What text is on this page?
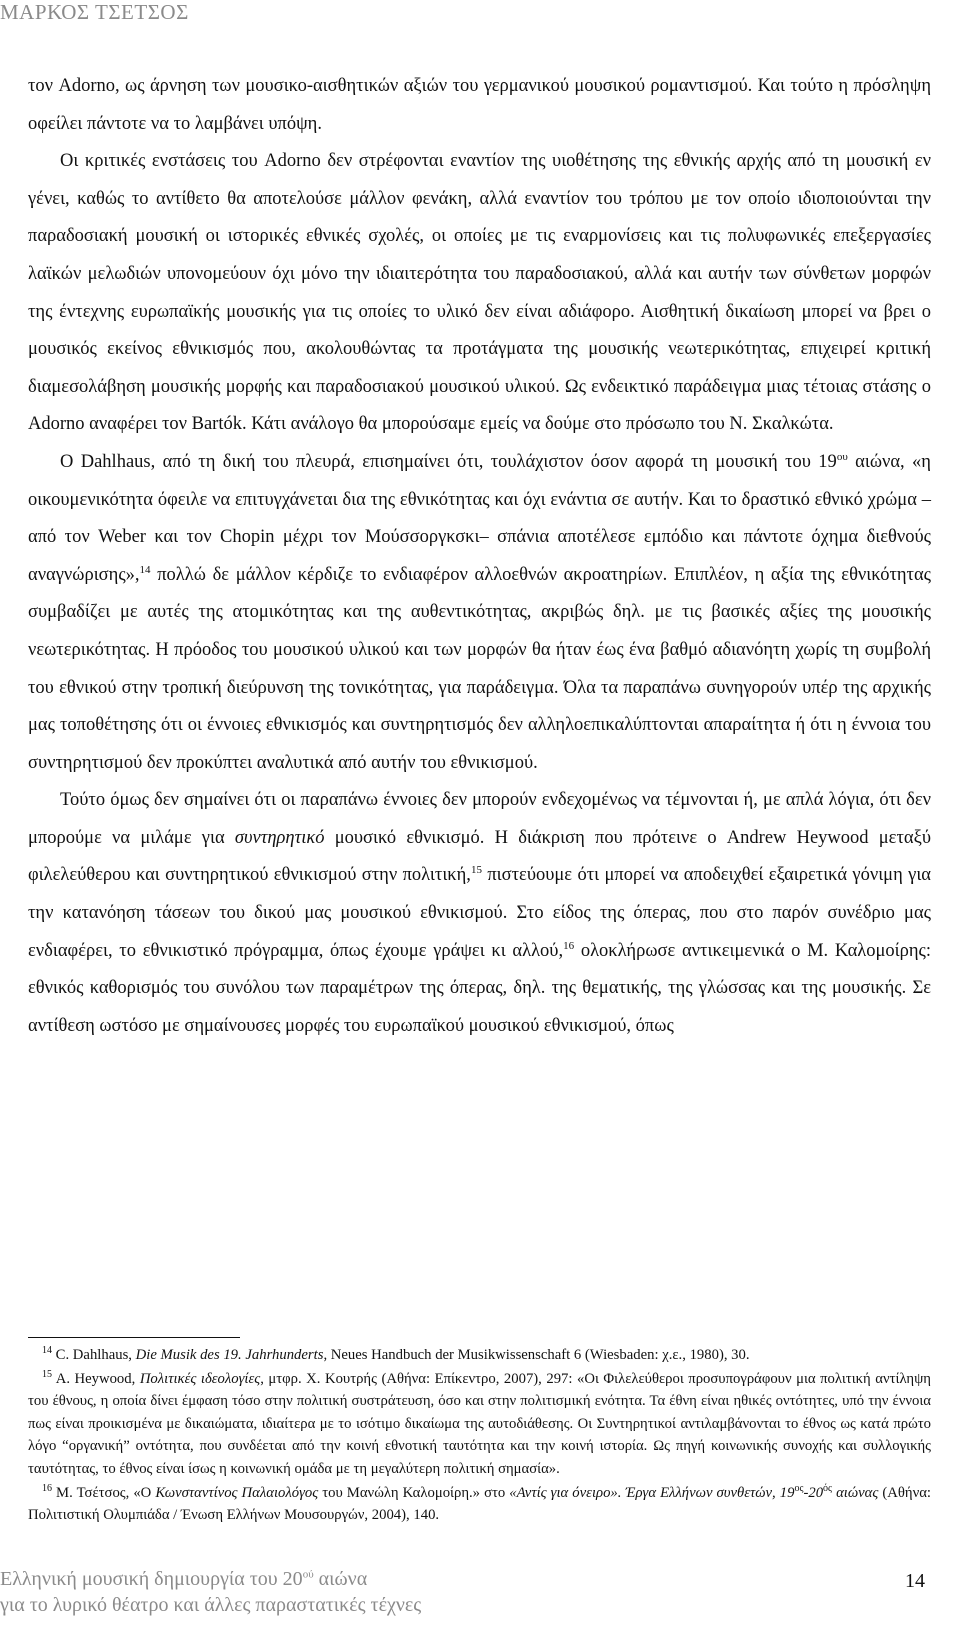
ΜΑΡΚΟΣ ΤΣΕΤΣΟΣ

τον Adorno, ως άρνηση των μουσικο-αισθητικών αξιών του γερμανικού μουσικού ρομαντισμού. Και τούτο η πρόσληψη οφείλει πάντοτε να το λαμβάνει υπόψη.

Οι κριτικές ενστάσεις του Adorno δεν στρέφονται εναντίον της υιοθέτησης της εθνικής αρχής από τη μουσική εν γένει, καθώς το αντίθετο θα αποτελούσε μάλλον φενάκη, αλλά εναντίον του τρόπου με τον οποίο ιδιοποιούνται την παραδοσιακή μουσική οι ιστορικές εθνικές σχολές, οι οποίες με τις εναρμονίσεις και τις πολυφωνικές επεξεργασίες λαϊκών μελωδιών υπονομεύουν όχι μόνο την ιδιαιτερότητα του παραδοσιακού, αλλά και αυτήν των σύνθετων μορφών της έντεχνης ευρωπαϊκής μουσικής για τις οποίες το υλικό δεν είναι αδιάφορο. Αισθητική δικαίωση μπορεί να βρει ο μουσικός εκείνος εθνικισμός που, ακολουθώντας τα προτάγματα της μουσικής νεωτερικότητας, επιχειρεί κριτική διαμεσολάβηση μουσικής μορφής και παραδοσιακού μουσικού υλικού. Ως ενδεικτικό παράδειγμα μιας τέτοιας στάσης ο Adorno αναφέρει τον Bartók. Κάτι ανάλογο θα μπορούσαμε εμείς να δούμε στο πρόσωπο του Ν. Σκαλκώτα.

Ο Dahlhaus, από τη δική του πλευρά, επισημαίνει ότι, τουλάχιστον όσον αφορά τη μουσική του $19^{o\upsilon}$ αιώνα, «η οικουμενικότητα όφειλε να επιτυγχάνεται δια της εθνικότητας και όχι ενάντια σε αυτήν. Και το δραστικό εθνικό χρώμα –από τον Weber και τον Chopin μέχρι τον Μούσσοργκσκι– σπάνια αποτέλεσε εμπόδιο και πάντοτε όχημα διεθνούς αναγνώρισης»,$^{14}$ πολλώ δε μάλλον κέρδιζε το ενδιαφέρον αλλοεθνών ακροατηρίων. Επιπλέον, η αξία της εθνικότητας συμβαδίζει με αυτές της ατομικότητας και της αυθεντικότητας, ακριβώς δηλ. με τις βασικές αξίες της μουσικής νεωτερικότητας. Η πρόοδος του μουσικού υλικού και των μορφών θα ήταν έως ένα βαθμό αδιανόητη χωρίς τη συμβολή του εθνικού στην τροπική διεύρυνση της τονικότητας, για παράδειγμα. Όλα τα παραπάνω συνηγορούν υπέρ της αρχικής μας τοποθέτησης ότι οι έννοιες εθνικισμός και συντηρητισμός δεν αλληλοεπικαλύπτονται απαραίτητα ή ότι η έννοια του συντηρητισμού δεν προκύπτει αναλυτικά από αυτήν του εθνικισμού.

Τούτο όμως δεν σημαίνει ότι οι παραπάνω έννοιες δεν μπορούν ενδεχομένως να τέμνονται ή, με απλά λόγια, ότι δεν μπορούμε να μιλάμε για συντηρητικό μουσικό εθνικισμό. Η διάκριση που πρότεινε ο Andrew Heywood μεταξύ φιλελεύθερου και συντηρητικού εθνικισμού στην πολιτική,$^{15}$ πιστεύουμε ότι μπορεί να αποδειχθεί εξαιρετικά γόνιμη για την κατανόηση τάσεων του δικού μας μουσικού εθνικισμού. Στο είδος της όπερας, που στο παρόν συνέδριο μας ενδιαφέρει, το εθνικιστικό πρόγραμμα, όπως έχουμε γράψει κι αλλού,$^{16}$ ολοκλήρωσε αντικειμενικά ο Μ. Καλομοίρης: εθνικός καθορισμός του συνόλου των παραμέτρων της όπερας, δηλ. της θεματικής, της γλώσσας και της μουσικής. Σε αντίθεση ωστόσο με σημαίνουσες μορφές του ευρωπαϊκού μουσικού εθνικισμού, όπως

$^{14}$ C. Dahlhaus, Die Musik des 19. Jahrhunderts, Neues Handbuch der Musikwissenschaft 6 (Wiesbaden: χ.ε., 1980), 30.

$^{15}$ A. Heywood, Πολιτικές ιδεολογίες, μτφρ. Χ. Κουτρής (Αθήνα: Επίκεντρο, 2007), 297: «Οι Φιλελεύθεροι προσυπογράφουν μια πολιτική αντίληψη του έθνους, η οποία δίνει έμφαση τόσο στην πολιτική συστράτευση, όσο και στην πολιτισμική ενότητα. Τα έθνη είναι ηθικές οντότητες, υπό την έννοια πως είναι προικισμένα με δικαιώματα, ιδιαίτερα με το ισότιμο δικαίωμα της αυτοδιάθεσης. Οι Συντηρητικοί αντιλαμβάνονται το έθνος ως κατά πρώτο λόγο “οργανική” οντότητα, που συνδέεται από την κοινή εθνοτική ταυτότητα και την κοινή ιστορία. Ως πηγή κοινωνικής συνοχής και συλλογικής ταυτότητας, το έθνος είναι ίσως η κοινωνική ομάδα με τη μεγαλύτερη πολιτική σημασία».

$^{16}$ Μ. Τσέτσος, «Ο Κωνσταντίνος Παλαιολόγος του Μανώλη Καλομοίρη.» στο «Αντίς για όνειρο». Έργα Ελλήνων συνθετών, $19^{o\varsigma}-20^{ό\varsigma}$ αιώνας (Αθήνα: Πολιτιστική Ολυμπιάδα / Ένωση Ελλήνων Μουσουργών, 2004), 140.

Ελληνική μουσική δημιουργία του $20^{oύ}$ αιώνα
για το λυρικό θέατρο και άλλες παραστατικές τέχνες
14
